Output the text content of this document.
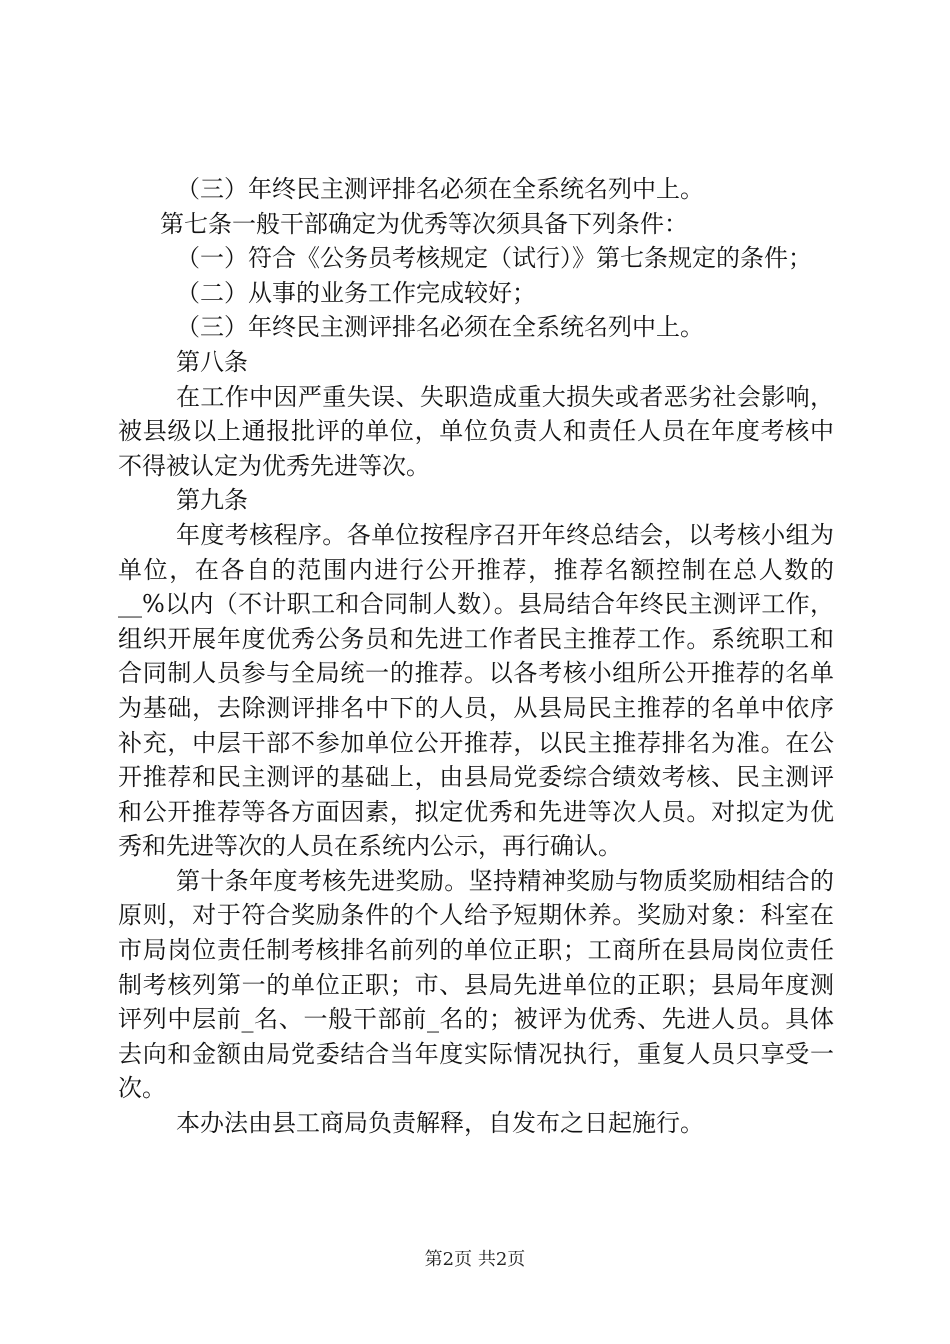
（三）年终民主测评排名必须在全系统名列中上。

第七条一般干部确定为优秀等次须具备下列条件：

（一）符合《公务员考核规定（试行）》第七条规定的条件；

（二）从事的业务工作完成较好；

（三）年终民主测评排名必须在全系统名列中上。

第八条

在工作中因严重失误、失职造成重大损失或者恶劣社会影响，被县级以上通报批评的单位，单位负责人和责任人员在年度考核中不得被认定为优秀先进等次。

第九条

年度考核程序。各单位按程序召开年终总结会，以考核小组为单位，在各自的范围内进行公开推荐，推荐名额控制在总人数的__%以内（不计职工和合同制人数）。县局结合年终民主测评工作，组织开展年度优秀公务员和先进工作者民主推荐工作。系统职工和合同制人员参与全局统一的推荐。以各考核小组所公开推荐的名单为基础，去除测评排名中下的人员，从县局民主推荐的名单中依序补充，中层干部不参加单位公开推荐，以民主推荐排名为准。在公开推荐和民主测评的基础上，由县局党委综合绩效考核、民主测评和公开推荐等各方面因素，拟定优秀和先进等次人员。对拟定为优秀和先进等次的人员在系统内公示，再行确认。

第十条年度考核先进奖励。坚持精神奖励与物质奖励相结合的原则，对于符合奖励条件的个人给予短期休养。奖励对象：科室在市局岗位责任制考核排名前列的单位正职；工商所在县局岗位责任制考核列第一的单位正职；市、县局先进单位的正职；县局年度测评列中层前_名、一般干部前_名的；被评为优秀、先进人员。具体去向和金额由局党委结合当年度实际情况执行，重复人员只享受一次。

本办法由县工商局负责解释，自发布之日起施行。

第2页 共2页
